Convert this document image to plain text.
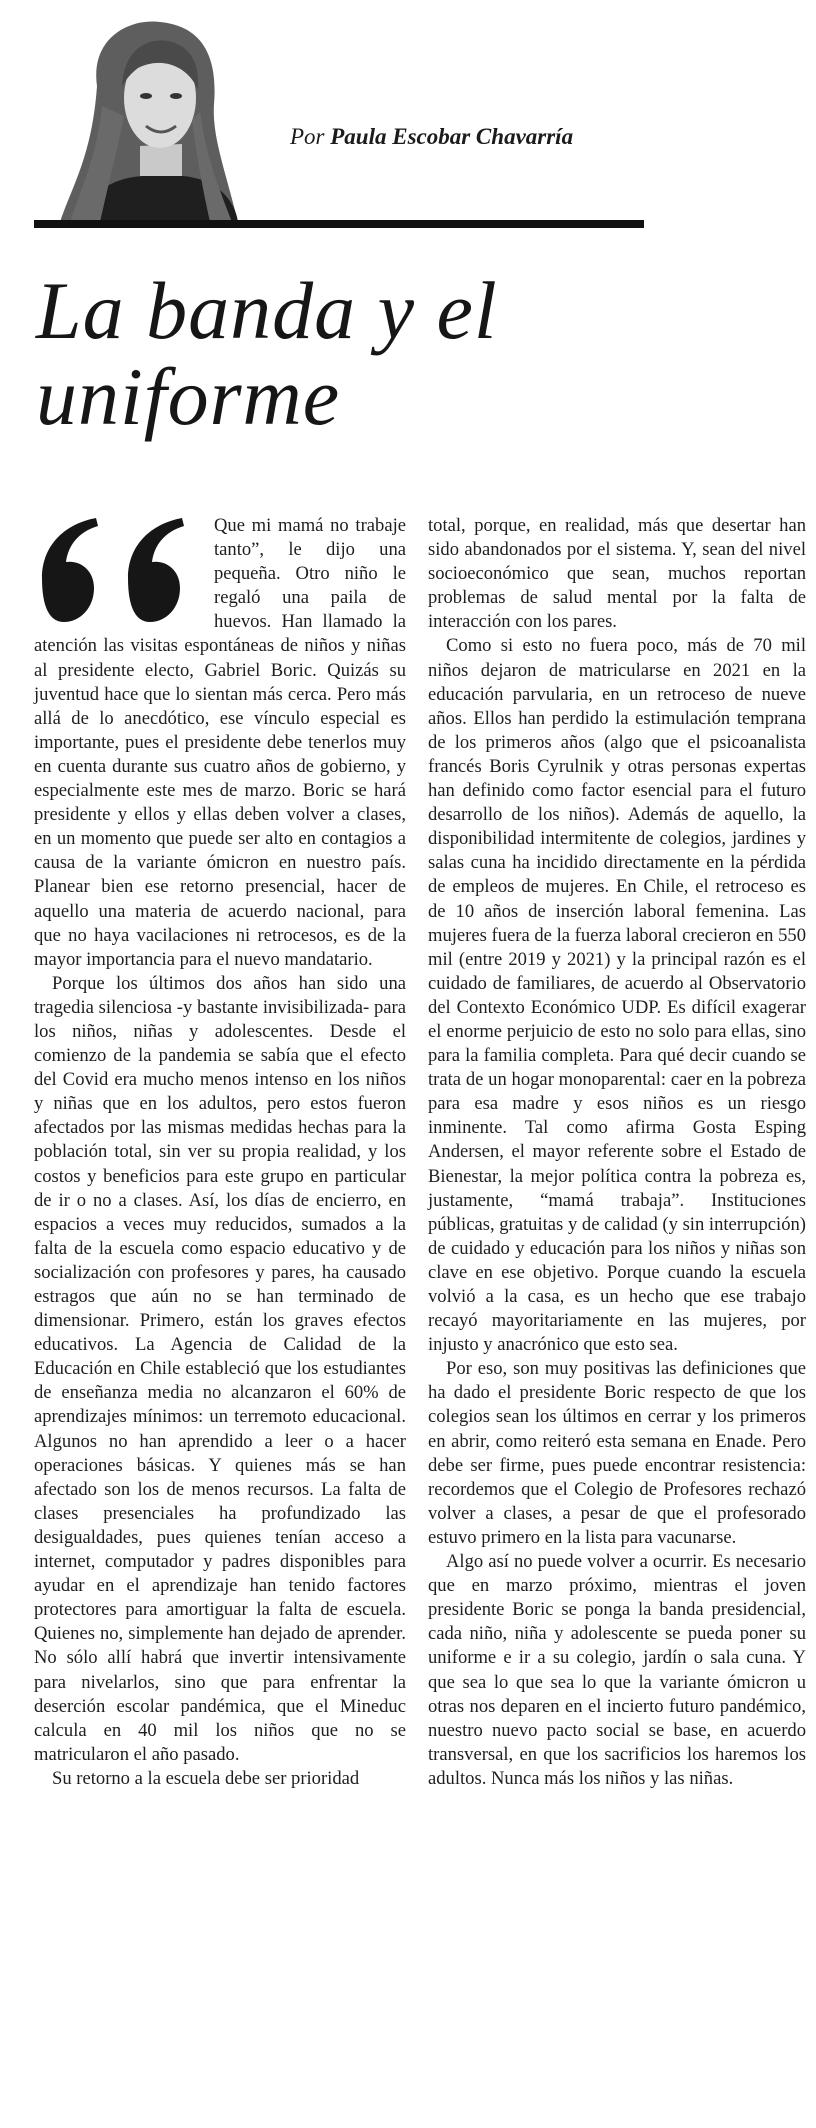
Por Paula Escobar Chavarría
La banda y el uniforme

Que mi mamá no trabaje tanto”, le dijo una pequeña. Otro niño le regaló una paila de huevos. Han llamado la atención las visitas espontáneas de niños y niñas al presidente electo, Gabriel Boric. Quizás su juventud hace que lo sientan más cerca. Pero más allá de lo anecdótico, ese vínculo especial es importante, pues el presidente debe tenerlos muy en cuenta durante sus cuatro años de gobierno, y especialmente este mes de marzo. Boric se hará presidente y ellos y ellas deben volver a clases, en un momento que puede ser alto en contagios a causa de la variante ómicron en nuestro país. Planear bien ese retorno presencial, hacer de aquello una materia de acuerdo nacional, para que no haya vacilaciones ni retrocesos, es de la mayor importancia para el nuevo mandatario.

Porque los últimos dos años han sido una tragedia silenciosa -y bastante invisibilizada- para los niños, niñas y adolescentes. Desde el comienzo de la pandemia se sabía que el efecto del Covid era mucho menos intenso en los niños y niñas que en los adultos, pero estos fueron afectados por las mismas medidas hechas para la población total, sin ver su propia realidad, y los costos y beneficios para este grupo en particular de ir o no a clases. Así, los días de encierro, en espacios a veces muy reducidos, sumados a la falta de la escuela como espacio educativo y de socialización con profesores y pares, ha causado estragos que aún no se han terminado de dimensionar. Primero, están los graves efectos educativos. La Agencia de Calidad de la Educación en Chile estableció que los estudiantes de enseñanza media no alcanzaron el 60% de aprendizajes mínimos: un terremoto educacional. Algunos no han aprendido a leer o a hacer operaciones básicas. Y quienes más se han afectado son los de menos recursos. La falta de clases presenciales ha profundizado las desigualdades, pues quienes tenían acceso a internet, computador y padres disponibles para ayudar en el aprendizaje han tenido factores protectores para amortiguar la falta de escuela. Quienes no, simplemente han dejado de aprender. No sólo allí habrá que invertir intensivamente para nivelarlos, sino que para enfrentar la deserción escolar pandémica, que el Mineduc calcula en 40 mil los niños que no se matricularon el año pasado.

Su retorno a la escuela debe ser prioridad

total, porque, en realidad, más que desertar han sido abandonados por el sistema. Y, sean del nivel socioeconómico que sean, muchos reportan problemas de salud mental por la falta de interacción con los pares.

Como si esto no fuera poco, más de 70 mil niños dejaron de matricularse en 2021 en la educación parvularia, en un retroceso de nueve años. Ellos han perdido la estimulación temprana de los primeros años (algo que el psicoanalista francés Boris Cyrulnik y otras personas expertas han definido como factor esencial para el futuro desarrollo de los niños). Además de aquello, la disponibilidad intermitente de colegios, jardines y salas cuna ha incidido directamente en la pérdida de empleos de mujeres. En Chile, el retroceso es de 10 años de inserción laboral femenina. Las mujeres fuera de la fuerza laboral crecieron en 550 mil (entre 2019 y 2021) y la principal razón es el cuidado de familiares, de acuerdo al Observatorio del Contexto Económico UDP. Es difícil exagerar el enorme perjuicio de esto no solo para ellas, sino para la familia completa. Para qué decir cuando se trata de un hogar monoparental: caer en la pobreza para esa madre y esos niños es un riesgo inminente. Tal como afirma Gosta Esping Andersen, el mayor referente sobre el Estado de Bienestar, la mejor política contra la pobreza es, justamente, “mamá trabaja”. Instituciones públicas, gratuitas y de calidad (y sin interrupción) de cuidado y educación para los niños y niñas son clave en ese objetivo. Porque cuando la escuela volvió a la casa, es un hecho que ese trabajo recayó mayoritariamente en las mujeres, por injusto y anacrónico que esto sea.

Por eso, son muy positivas las definiciones que ha dado el presidente Boric respecto de que los colegios sean los últimos en cerrar y los primeros en abrir, como reiteró esta semana en Enade. Pero debe ser firme, pues puede encontrar resistencia: recordemos que el Colegio de Profesores rechazó volver a clases, a pesar de que el profesorado estuvo primero en la lista para vacunarse.

Algo así no puede volver a ocurrir. Es necesario que en marzo próximo, mientras el joven presidente Boric se ponga la banda presidencial, cada niño, niña y adolescente se pueda poner su uniforme e ir a su colegio, jardín o sala cuna. Y que sea lo que sea lo que la variante ómicron u otras nos deparen en el incierto futuro pandémico, nuestro nuevo pacto social se base, en acuerdo transversal, en que los sacrificios los haremos los adultos. Nunca más los niños y las niñas.
